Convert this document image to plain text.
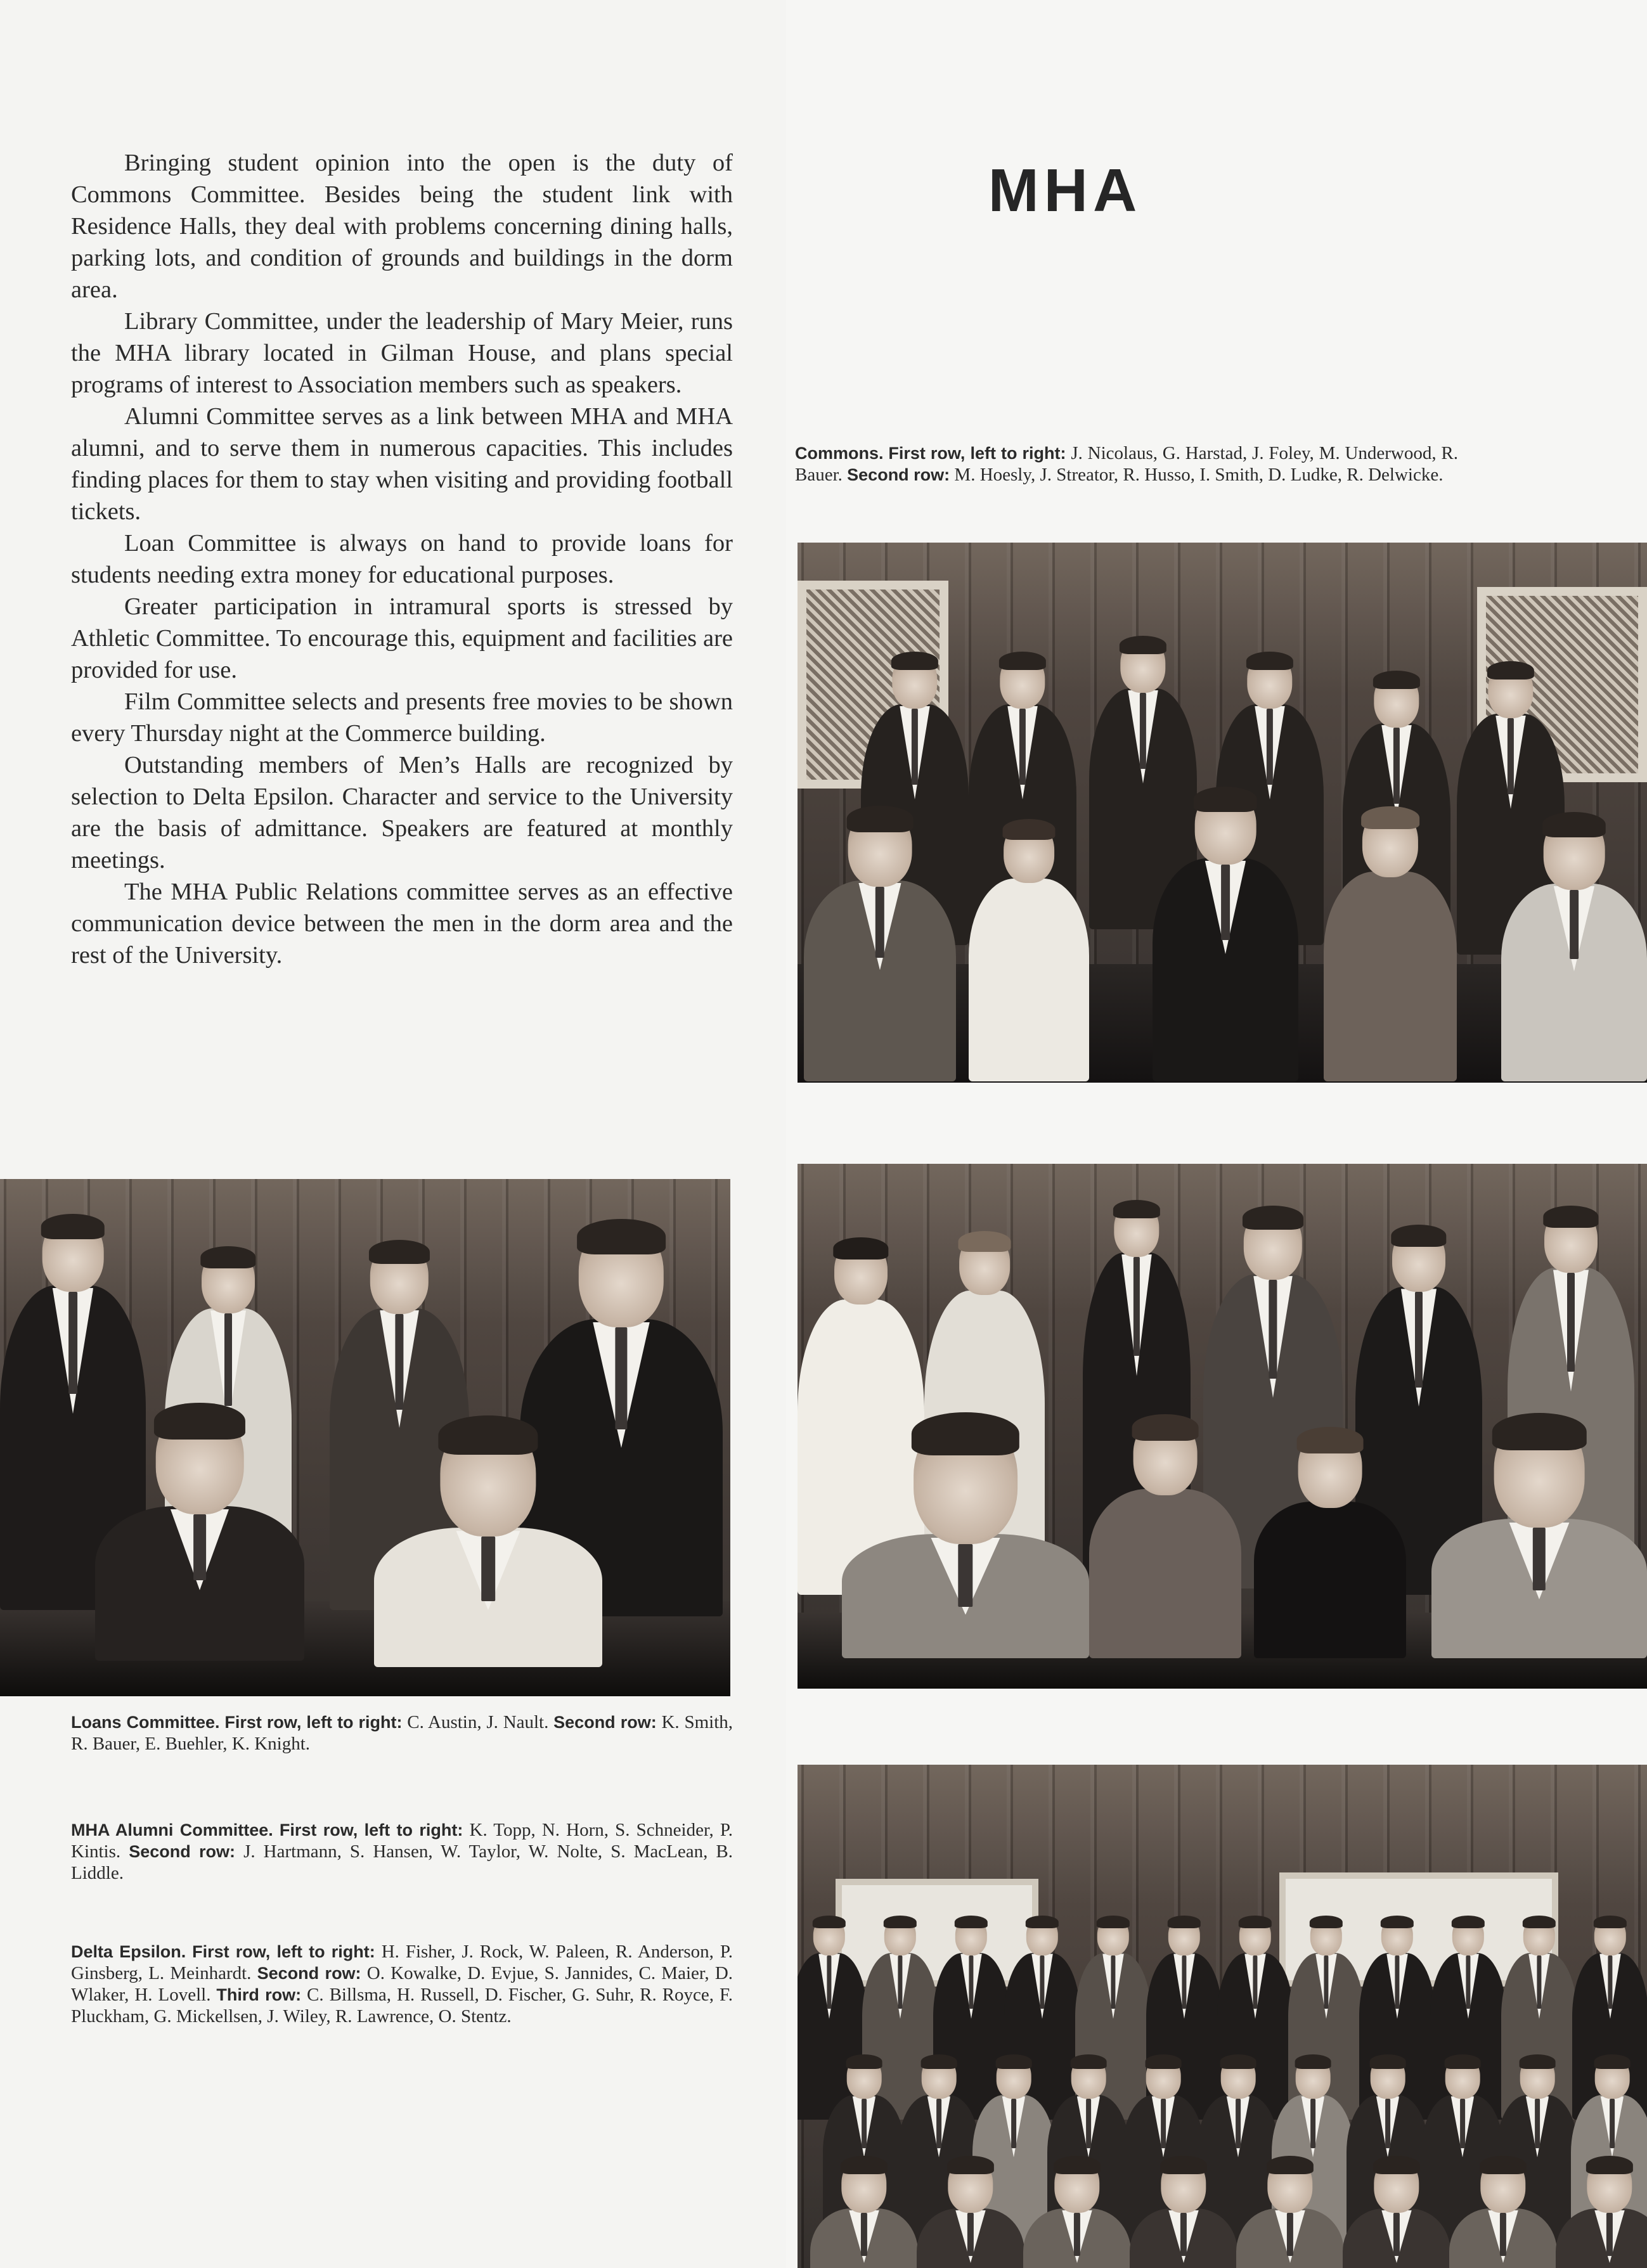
Bringing student opinion into the open is the duty of Commons Committee. Besides being the student link with Residence Halls, they deal with problems concerning dining halls, parking lots, and condition of grounds and buildings in the dorm area.

Library Committee, under the leadership of Mary Meier, runs the MHA library located in Gilman House, and plans special programs of interest to Association members such as speakers.

Alumni Committee serves as a link between MHA and MHA alumni, and to serve them in numerous capacities. This includes finding places for them to stay when visiting and providing football tickets.

Loan Committee is always on hand to provide loans for students needing extra money for educational purposes.

Greater participation in intramural sports is stressed by Athletic Committee. To encourage this, equipment and facilities are provided for use.

Film Committee selects and presents free movies to be shown every Thursday night at the Commerce building.

Outstanding members of Men’s Halls are recognized by selection to Delta Epsilon. Character and service to the University are the basis of admittance. Speakers are featured at monthly meetings.

The MHA Public Relations committee serves as an effective communication device between the men in the dorm area and the rest of the University.

MHA
Commons. First row, left to right: J. Nicolaus, G. Harstad, J. Foley, M. Underwood, R. Bauer. Second row: M. Hoesly, J. Streator, R. Husso, I. Smith, D. Ludke, R. Delwicke.
Loans Committee. First row, left to right: C. Austin, J. Nault. Second row: K. Smith, R. Bauer, E. Buehler, K. Knight.
MHA Alumni Committee. First row, left to right: K. Topp, N. Horn, S. Schneider, P. Kintis. Second row: J. Hartmann, S. Hansen, W. Taylor, W. Nolte, S. MacLean, B. Liddle.
Delta Epsilon. First row, left to right: H. Fisher, J. Rock, W. Paleen, R. Anderson, P. Ginsberg, L. Meinhardt. Second row: O. Kowalke, D. Evjue, S. Jannides, C. Maier, D. Wlaker, H. Lovell. Third row: C. Billsma, H. Russell, D. Fischer, G. Suhr, R. Royce, F. Pluckham, G. Mickellsen, J. Wiley, R. Lawrence, O. Stentz.
